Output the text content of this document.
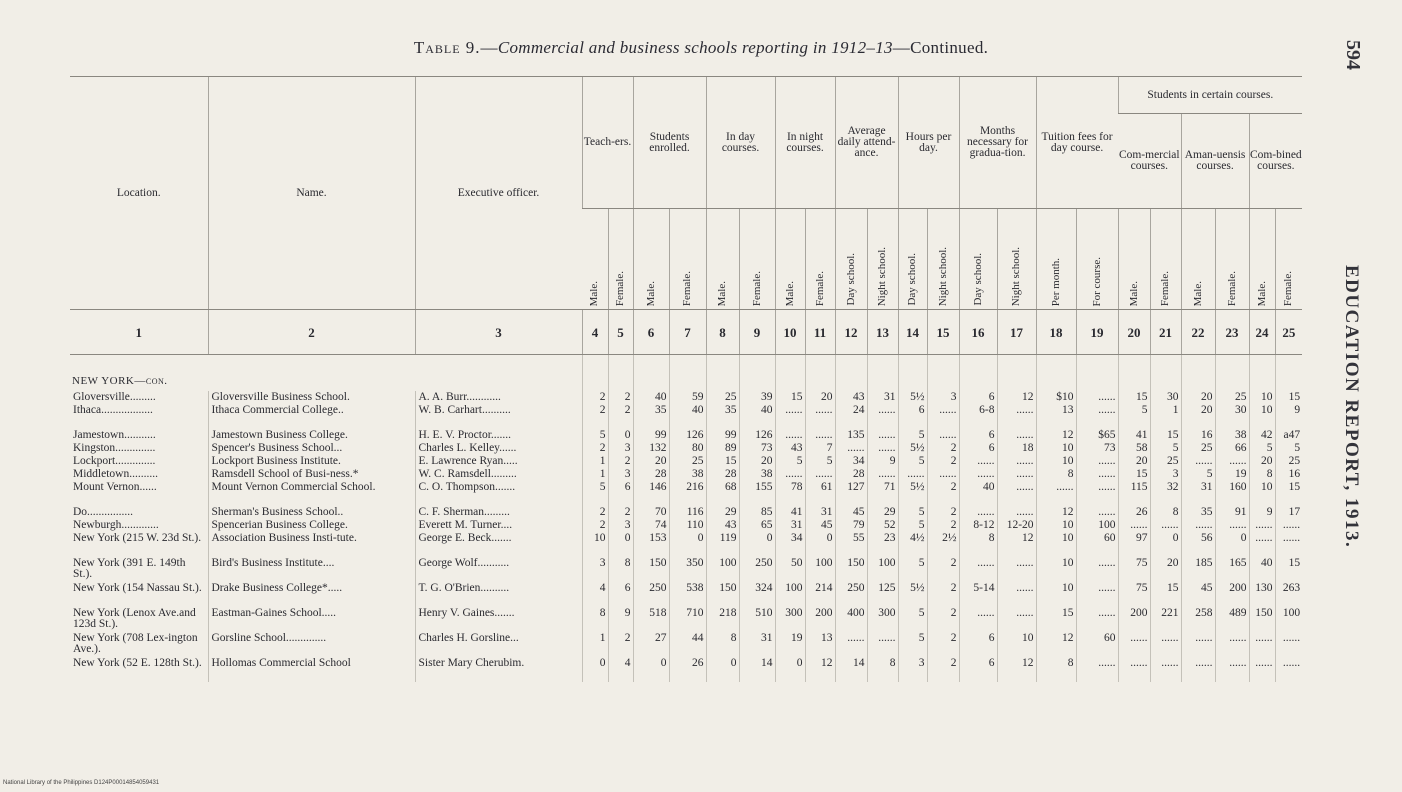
Table 9.—Commercial and business schools reporting in 1912–13—Continued.	594
EDUCATION REPORT, 1913.
Location.	Name.	Executive officer.	Teach-ers.		Students enrolled.		In day courses.		In night courses.		Average daily attend-ance.		Hours per day.		Months necessary for gradua-tion.		Tuition fees for day course.		Students in certain courses.					
																			Com-mercial courses.		Aman-uensis courses.		Com-bined courses.	
			Male.	Female.	Male.	Female.	Male.	Female.	Male.	Female.	Day school.	Night school.	Day school.	Night school.	Day school.	Night school.	Per month.	For course.	Male.	Female.	Male.	Female.	Male.	Female.
1	2	3	4	5	6	7	8	9	10	11	12	13	14	15	16	17	18	19	20	21	22	23	24	25
NEW YORK—con.																								
Gloversville.........	Gloversville Business School.	A. A. Burr............	2	2	40	59	25	39	15	20	43	31	5½	3	6	12	$10	......	15	30	20	25	10	15
Ithaca..................	Ithaca Commercial College..	W. B. Carhart..........	2	2	35	40	35	40	......	......	24	......	6	......	6-8	......	13	......	5	1	20	30	10	9
Jamestown...........	Jamestown Business College.	H. E. V. Proctor.......	5	0	99	126	99	126	......	......	135	......	5	......	6	......	12	$65	41	15	16	38	42	a47
Kingston..............	Spencer's Business School...	Charles L. Kelley......	2	3	132	80	89	73	43	7	......	......	5½	2	6	18	10	73	58	5	25	66	5	5
Lockport..............	Lockport Business Institute.	E. Lawrence Ryan.....	1	2	20	25	15	20	5	5	34	9	5	2	......	......	10	......	20	25	......	......	20	25
Middletown..........	Ramsdell School of Busi-ness.*	W. C. Ramsdell.........	1	3	28	38	28	38	......	......	28	......	......	......	......	......	8	......	15	3	5	19	8	16
Mount Vernon......	Mount Vernon Commercial School.	C. O. Thompson.......	5	6	146	216	68	155	78	61	127	71	5½	2	40	......	......	......	115	32	31	160	10	15
Do................	Sherman's Business School..	C. F. Sherman.........	2	2	70	116	29	85	41	31	45	29	5	2	......	......	12	......	26	8	35	91	9	17
Newburgh.............	Spencerian Business College.	Everett M. Turner....	2	3	74	110	43	65	31	45	79	52	5	2	8-12	12-20	10	100	......	......	......	......	......	......
New York (215 W. 23d St.).	Association Business Insti-tute.	George E. Beck.......	10	0	153	0	119	0	34	0	55	23	4½	2½	8	12	10	60	97	0	56	0	......	......
New York (391 E. 149th St.).	Bird's Business Institute....	George Wolf...........	3	8	150	350	100	250	50	100	150	100	5	2	......	......	10	......	75	20	185	165	40	15
New York (154 Nassau St.).	Drake Business College*.....	T. G. O'Brien..........	4	6	250	538	150	324	100	214	250	125	5½	2	5-14	......	10	......	75	15	45	200	130	263
New York (Lenox Ave.and 123d St.).	Eastman-Gaines School.....	Henry V. Gaines.......	8	9	518	710	218	510	300	200	400	300	5	2	......	......	15	......	200	221	258	489	150	100
New York (708 Lex-ington Ave.).	Gorsline School..............	Charles H. Gorsline...	1	2	27	44	8	31	19	13	......	......	5	2	6	10	12	60	......	......	......	......	......	......
New York (52 E. 128th St.).	Hollomas Commercial School	Sister Mary Cherubim.	0	4	0	26	0	14	0	12	14	8	3	2	6	12	8	......	......	......	......	......	......	......
National Library of the Philippines D124P00014854059431
